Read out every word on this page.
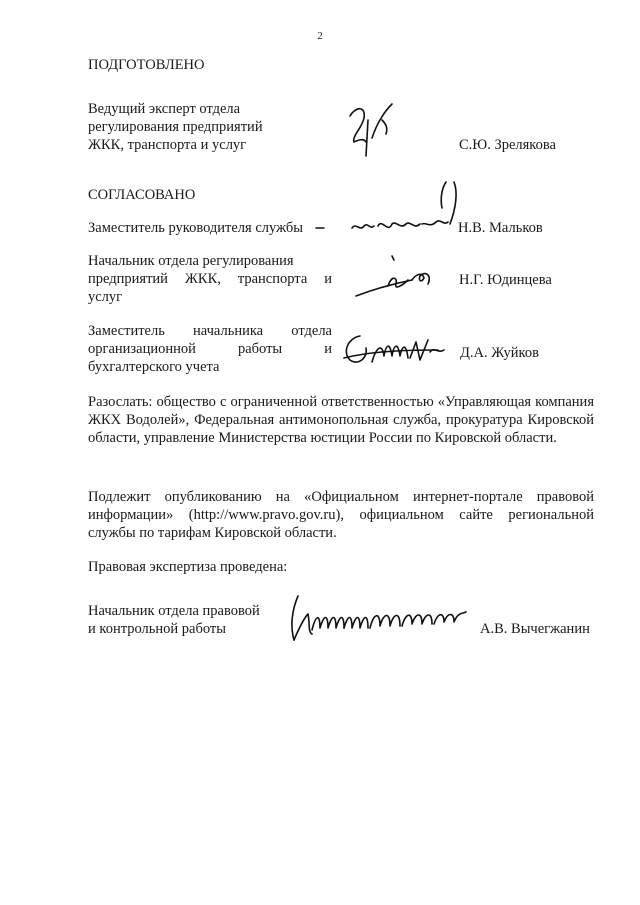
2
ПОДГОТОВЛЕНО
Ведущий эксперт отдела
регулирования предприятий
ЖКК, транспорта и услуг	С.Ю. Зрелякова
СОГЛАСОВАНО
Заместитель руководителя службы	Н.В. Мальков
Начальник отдела регулирования
предприятий ЖКК, транспорта и
услуг
Н.Г. Юдинцева
Заместитель начальника отдела
организационной работы и
бухгалтерского учета
Д.А. Жуйков
Разослать: общество с ограниченной ответственностью «Управляющая компания ЖКХ Водолей», Федеральная антимонопольная служба, прокуратура Кировской области, управление Министерства юстиции России по Кировской области.
Подлежит опубликованию на «Официальном интернет-портале правовой информации» (http://www.pravo.gov.ru), официальном сайте региональной службы по тарифам Кировской области.
Правовая экспертиза проведена:
Начальник отдела правовой
и контрольной работы	А.В. Вычегжанин
